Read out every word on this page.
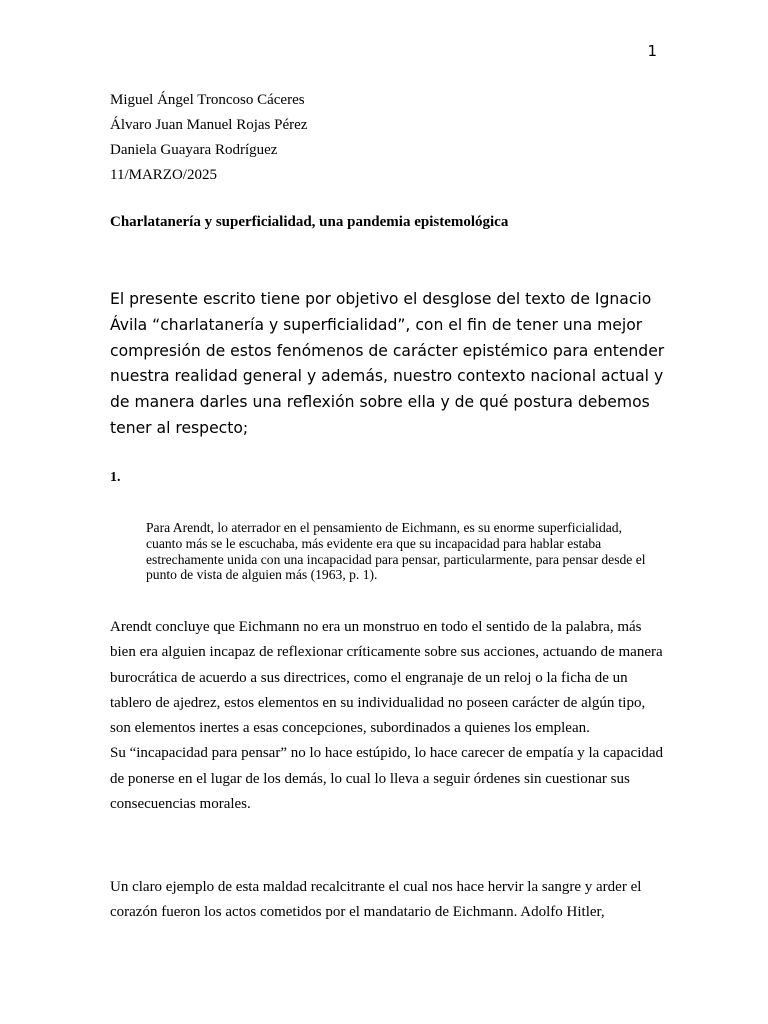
1
Miguel Ángel Troncoso Cáceres
Álvaro Juan Manuel Rojas Pérez
Daniela Guayara Rodríguez
11/MARZO/2025
Charlatanería y superficialidad, una pandemia epistemológica

El presente escrito tiene por objetivo el desglose del texto de Ignacio Ávila “charlatanería y superficialidad”, con el fin de tener una mejor compresión de estos fenómenos de carácter epistémico para entender nuestra realidad general y además, nuestro contexto nacional actual y de manera darles una reflexión sobre ella y de qué postura debemos tener al respecto;

1.

Para Arendt, lo aterrador en el pensamiento de Eichmann, es su enorme superficialidad, cuanto más se le escuchaba, más evidente era que su incapacidad para hablar estaba estrechamente unida con una incapacidad para pensar, particularmente, para pensar desde el punto de vista de alguien más (1963, p. 1).

Arendt concluye que Eichmann no era un monstruo en todo el sentido de la palabra, más bien era alguien incapaz de reflexionar críticamente sobre sus acciones, actuando de manera burocrática de acuerdo a sus directrices, como el engranaje de un reloj o la ficha de un tablero de ajedrez, estos elementos en su individualidad no poseen carácter de algún tipo, son elementos inertes a esas concepciones, subordinados a quienes los emplean.

Su “incapacidad para pensar” no lo hace estúpido, lo hace carecer de empatía y la capacidad de ponerse en el lugar de los demás, lo cual lo lleva a seguir órdenes sin cuestionar sus consecuencias morales.

Un claro ejemplo de esta maldad recalcitrante el cual nos hace hervir la sangre y arder el corazón fueron los actos cometidos por el mandatario de Eichmann. Adolfo Hitler,
